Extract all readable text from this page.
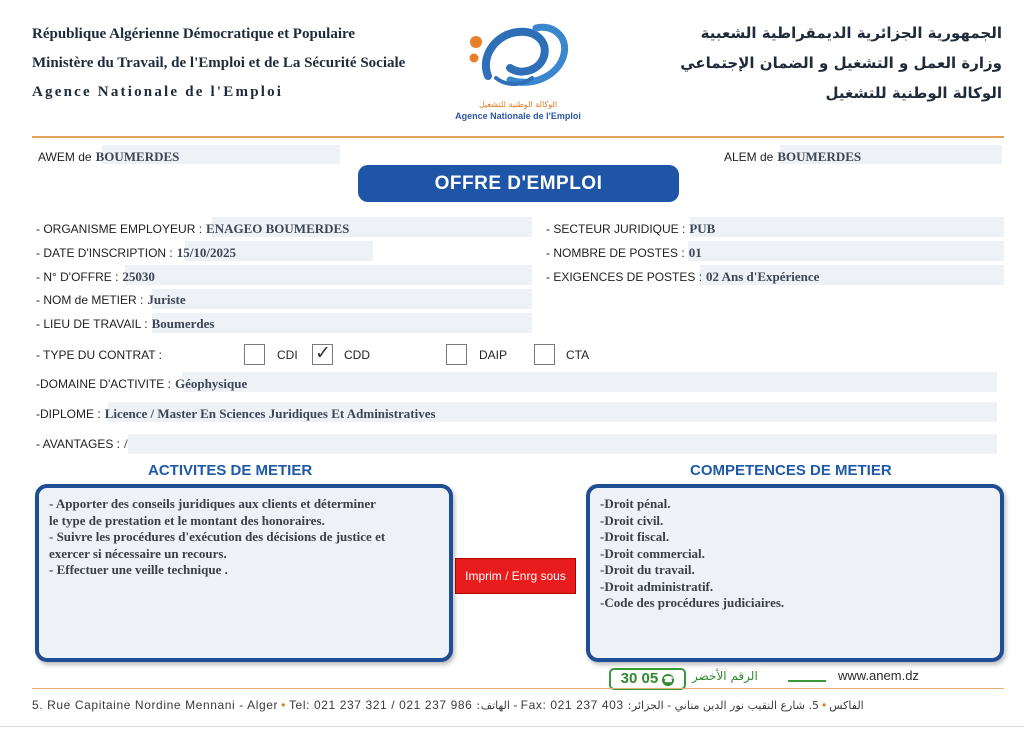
République Algérienne Démocratique et Populaire
Ministère du Travail, de l'Emploi et de La Sécurité Sociale
Agence Nationale de l'Emploi
الوكالة الوطنية للتشغيل
Agence Nationale de l'Emploi
الجمهورية الجزائرية الديمقراطية الشعبية
وزارة العمل و التشغيل و الضمان الإجتماعي
الوكالة الوطنية للتشغيل
AWEM de BOUMERDES	ALEM de BOUMERDES
OFFRE D'EMPLOI
- ORGANISME EMPLOYEUR : ENAGEO BOUMERDES
- DATE D'INSCRIPTION : 15/10/2025
- N° D'OFFRE : 25030
- NOM de METIER : Juriste
- LIEU DE TRAVAIL : Boumerdes
- SECTEUR JURIDIQUE : PUB
- NOMBRE DE POSTES : 01
- EXIGENCES DE POSTES : 02 Ans d'Expérience
- TYPE DU CONTRAT :	CDI
✓	CDD	DAIP	CTA
-DOMAINE D'ACTIVITE : Géophysique
-DIPLOME : Licence / Master En Sciences Juridiques Et Administratives
- AVANTAGES : /
ACTIVITES DE METIER	COMPETENCES DE METIER
- Apporter des conseils juridiques aux clients et déterminer
le type de prestation et le montant des honoraires.
- Suivre les procédures d'exécution des décisions de justice et
exercer si nécessaire un recours.
- Effectuer une veille technique .	Imprim / Enrg sous
-Droit pénal.
-Droit civil.
-Droit fiscal.
-Droit commercial.
-Droit du travail.
-Droit administratif.
-Code des procédures judiciaires.
30 05 ☎	الرقم الأخضر	www.anem.dz
5. Rue Capitaine Nordine Mennani - Alger • Tel: 021 237 321 / 021 237 986 :الهاتف - Fax: 021 237 403 :الفاكس•5. شارع النقيب نور الدين مناني - الجزائر
